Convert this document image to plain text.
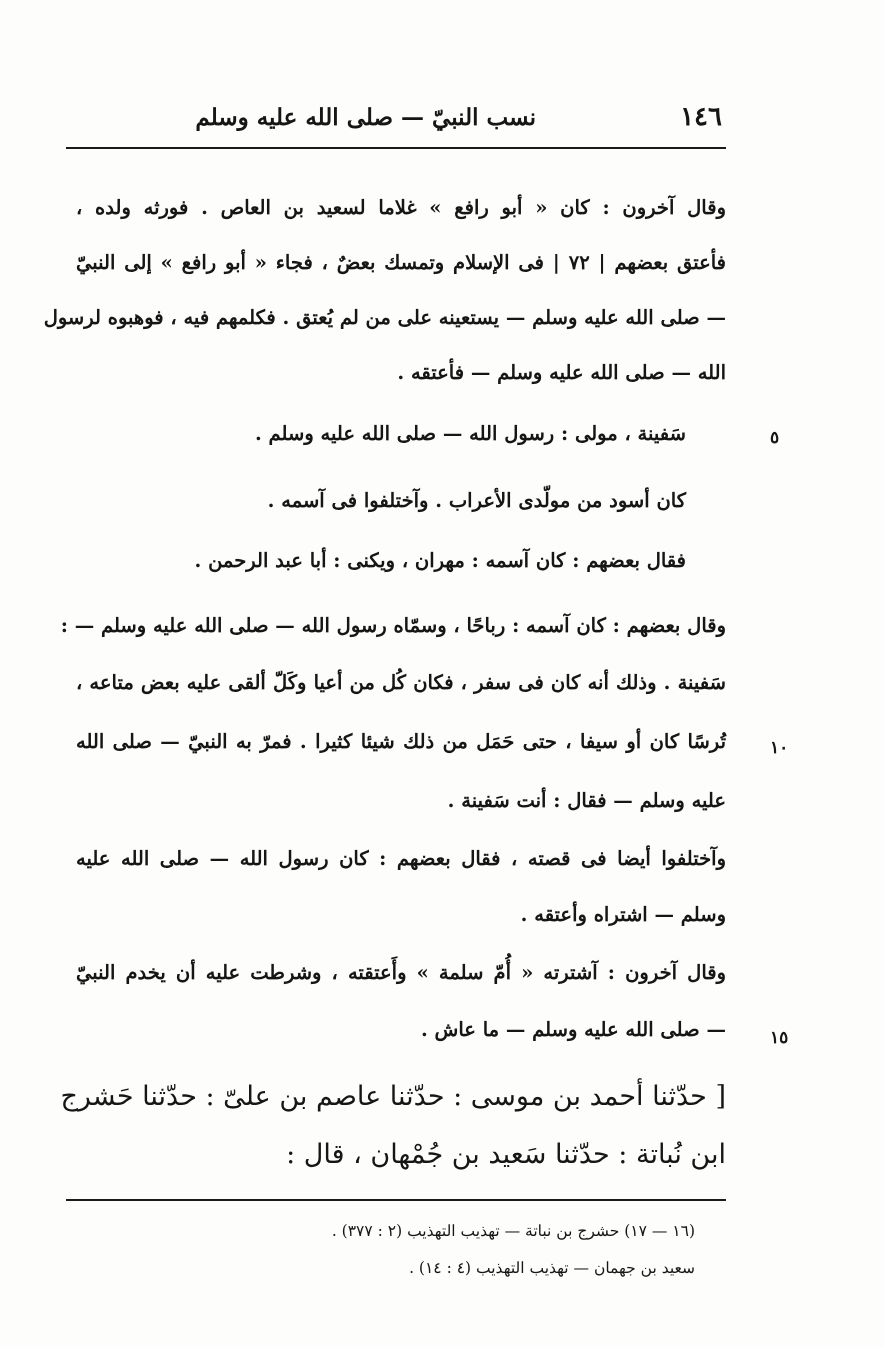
١٤٦
نسب النبيّ — صلى الله عليه وسلم
وقال آخرون : كان « أبو رافع » غلاما لسعيد بن العاص . فورثه ولده ،
فأعتق بعضهم | ٧٢ | فى الإسلام وتمسك بعضٌ ، فجاء « أبو رافع » إلى النبيّ
— صلى الله عليه وسلم — يستعينه على من لم يُعتق . فكلمهم فيه ، فوهبوه لرسول
الله — صلى الله عليه وسلم — فأعتقه .
سَفينة ، مولى : رسول الله — صلى الله عليه وسلم .	٥
كان أسود من مولّدى الأعراب . وآختلفوا فى آسمه .
فقال بعضهم : كان آسمه : مهران ، ويكنى : أبا عبد الرحمن .
وقال بعضهم : كان آسمه : رباحًا ، وسمّاه رسول الله — صلى الله عليه وسلم — :
سَفينة . وذلك أنه كان فى سفر ، فكان كُل من أعيا وكَلّ ألقى عليه بعض متاعه ،
تُرسًا كان أو سيفا ، حتى حَمَل من ذلك شيئا كثيرا . فمرّ به النبيّ — صلى الله	١٠
عليه وسلم — فقال : أنت سَفينة .
وآختلفوا أيضا فى قصته ، فقال بعضهم : كان رسول الله — صلى الله عليه
وسلم — اشتراه وأعتقه .
وقال آخرون : آشترته « أُمّ سلمة » وأَعتقته ، وشرطت عليه أن يخدم النبيّ
— صلى الله عليه وسلم — ما عاش .	١٥
[ حدّثنا أحمد بن موسى : حدّثنا عاصم بن علىّ : حدّثنا حَشرج
ابن نُباتة : حدّثنا سَعيد بن جُمْهان ، قال :
(١٦ — ١٧) حشرج بن نباتة — تهذيب التهذيب (٢ : ٣٧٧) .
سعيد بن جهمان — تهذيب التهذيب (٤ : ١٤) .
